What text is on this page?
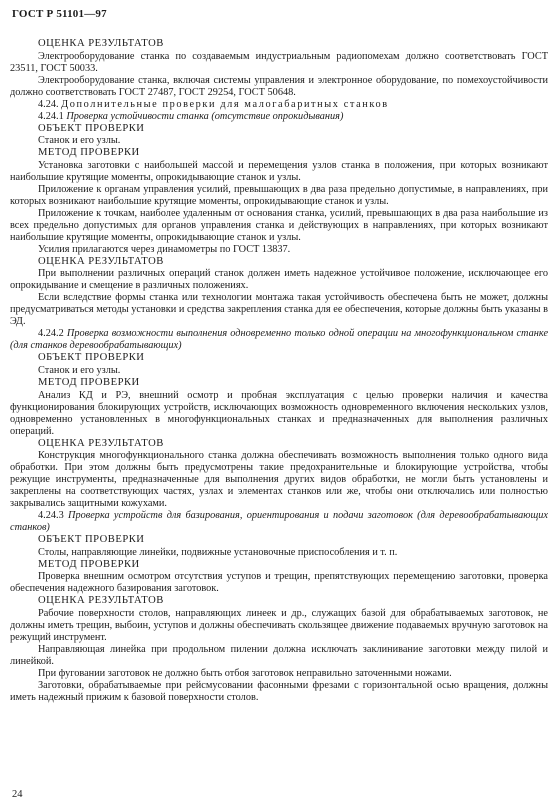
ГОСТ Р 51101—97
ОЦЕНКА РЕЗУЛЬТАТОВ

Электрооборудование станка по создаваемым индустриальным радиопомехам должно соответствовать ГОСТ 23511, ГОСТ 50033.

Электрооборудование станка, включая системы управления и электронное оборудование, по помехоустойчивости должно соответствовать ГОСТ 27487, ГОСТ 29254, ГОСТ 50648.

4.24. Дополнительные проверки для малогабаритных станков

4.24.1 Проверка устойчивости станка (отсутствие опрокидывания)

ОБЪЕКТ ПРОВЕРКИ

Станок и его узлы.

МЕТОД ПРОВЕРКИ

Установка заготовки с наибольшей массой и перемещения узлов станка в положения, при которых возникают наибольшие крутящие моменты, опрокидывающие станок и узлы.

Приложение к органам управления усилий, превышающих в два раза предельно допустимые, в направлениях, при которых возникают наибольшие крутящие моменты, опрокидывающие станок и узлы.

Приложение к точкам, наиболее удаленным от основания станка, усилий, превышающих в два раза наибольшие из всех предельно допустимых для органов управления станка и действующих в направлениях, при которых возникают наибольшие крутящие моменты, опрокидывающие станок и узлы.

Усилия прилагаются через динамометры по ГОСТ 13837.

ОЦЕНКА РЕЗУЛЬТАТОВ

При выполнении различных операций станок должен иметь надежное устойчивое положение, исключающее его опрокидывание и смещение в различных положениях.

Если вследствие формы станка или технологии монтажа такая устойчивость обеспечена быть не может, должны предусматриваться методы установки и средства закрепления станка для ее обеспечения, которые должны быть указаны в ЭД.

4.24.2 Проверка возможности выполнения одновременно только одной операции на многофункциональном станке (для станков деревообрабатывающих)

ОБЪЕКТ ПРОВЕРКИ

Станок и его узлы.

МЕТОД ПРОВЕРКИ

Анализ КД и РЭ, внешний осмотр и пробная эксплуатация с целью проверки наличия и качества функционирования блокирующих устройств, исключающих возможность одновременного включения нескольких узлов, одновременно установленных в многофункциональных станках и предназначенных для выполнения различных операций.

ОЦЕНКА РЕЗУЛЬТАТОВ

Конструкция многофункционального станка должна обеспечивать возможность выполнения только одного вида обработки. При этом должны быть предусмотрены такие предохранительные и блокирующие устройства, чтобы режущие инструменты, предназначенные для выполнения других видов обработки, не могли быть установлены и закреплены на соответствующих частях, узлах и элементах станков или же, чтобы они отключались или полностью закрывались защитными кожухами.

4.24.3 Проверка устройств для базирования, ориентирования и подачи заготовок (для деревообрабатывающих станков)

ОБЪЕКТ ПРОВЕРКИ

Столы, направляющие линейки, подвижные установочные приспособления и т. п.

МЕТОД ПРОВЕРКИ

Проверка внешним осмотром отсутствия уступов и трещин, препятствующих перемещению заготовки, проверка обеспечения надежного базирования заготовок.

ОЦЕНКА РЕЗУЛЬТАТОВ

Рабочие поверхности столов, направляющих линеек и др., служащих базой для обрабатываемых заготовок, не должны иметь трещин, выбоин, уступов и должны обеспечивать скользящее движение подаваемых вручную заготовок на режущий инструмент.

Направляющая линейка при продольном пилении должна исключать заклинивание заготовки между пилой и линейкой.

При фуговании заготовок не должно быть отбоя заготовок неправильно заточенными ножами.

Заготовки, обрабатываемые при рейсмусовании фасонными фрезами с горизонтальной осью вращения, должны иметь надежный прижим к базовой поверхности столов.

24
